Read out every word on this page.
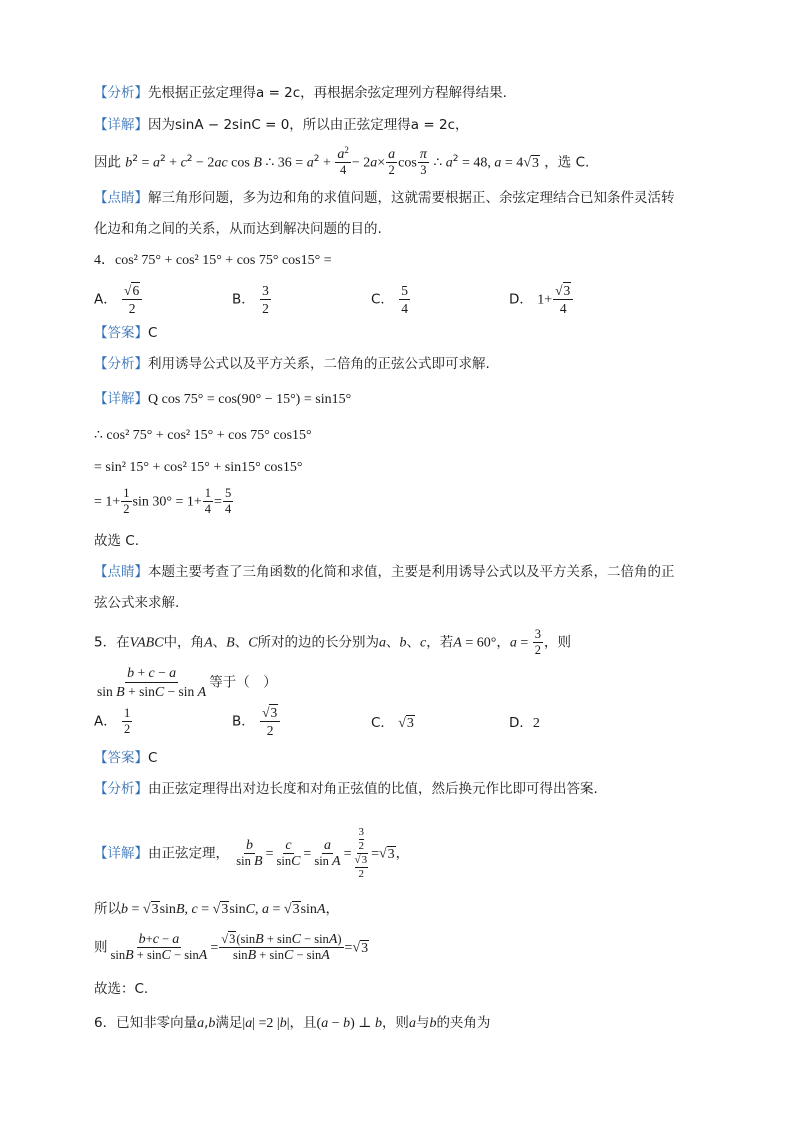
【分析】先根据正弦定理得a = 2c，再根据余弦定理列方程解得结果.
【详解】因为sinA − 2sinC = 0，所以由正弦定理得a = 2c，
因此 $b^2 = a^2 + c^2 - 2ac$ cos B ∴ $36 = a^2 + \frac{a^2}{4} - 2a\times \frac{a}{2}$ $\cos \frac{\pi}{3}$ ∴ $a^2 = 48$, a = 4√3 ，选 C.
【点睛】解三角形问题，多为边和角的求值问题，这就需要根据正、余弦定理结合已知条件灵活转
化边和角之间的关系，从而达到解决问题的目的.
4．cos² 75° + cos² 15° + cos 75° cos15° =
A． $\frac{√6}{2}$	B． $\frac{3}{2}$	C． $\frac{5}{4}$	D． $1+ \frac{√3}{4}$
【答案】C
【分析】利用诱导公式以及平方关系，二倍角的正弦公式即可求解.
【详解】Q cos 75° = cos(90° − 15°) = sin15°
∴ cos² 75° + cos² 15° + cos 75° cos15°
= sin² 15° + cos² 15° + sin15° cos15°
= $1+ \frac{1}{2}$ $\sin 30^\circ = 1+ \frac{1}{4} = \frac{5}{4}$
故选 C.
【点睛】本题主要考查了三角函数的化简和求值，主要是利用诱导公式以及平方关系，二倍角的正
弦公式来求解.
5．在VABC中，角A、B、C所对的边的长分别为a、b、c，若A = 60°，$a = \frac{3}{2}$ ，则
$\frac{b + c - a}{\text{sin B + sinC − sin A}}$ 等于（　）
A． $\frac{1}{2}$	B． $\frac{√3}{2}$	C． √3	D．2
【答案】C
【分析】由正弦定理得出对边长度和对角正弦值的比值，然后换元作比即可得出答案.
【详解】由正弦定理， $\frac{b}{\text{sin B}} = \frac{c}{\sin C} = \frac{a}{\text{sin A}} = \frac{\frac{3}{2}}{\frac{√3}{2}} =√3$，
所以b = √3sinB, c = √3sinC, a = √3sinA，
则 $\frac{b+c - a}{\sin B + \sin C - \sin A} = \frac{√3(\sin B + \sin C - \sin A)}{\sin B + \sin C - \sin A} =√3$
故选：C.
6．已知非零向量a,b满足|a| =2 |b|，且(a − b) ⊥ b，则a与b的夹角为
